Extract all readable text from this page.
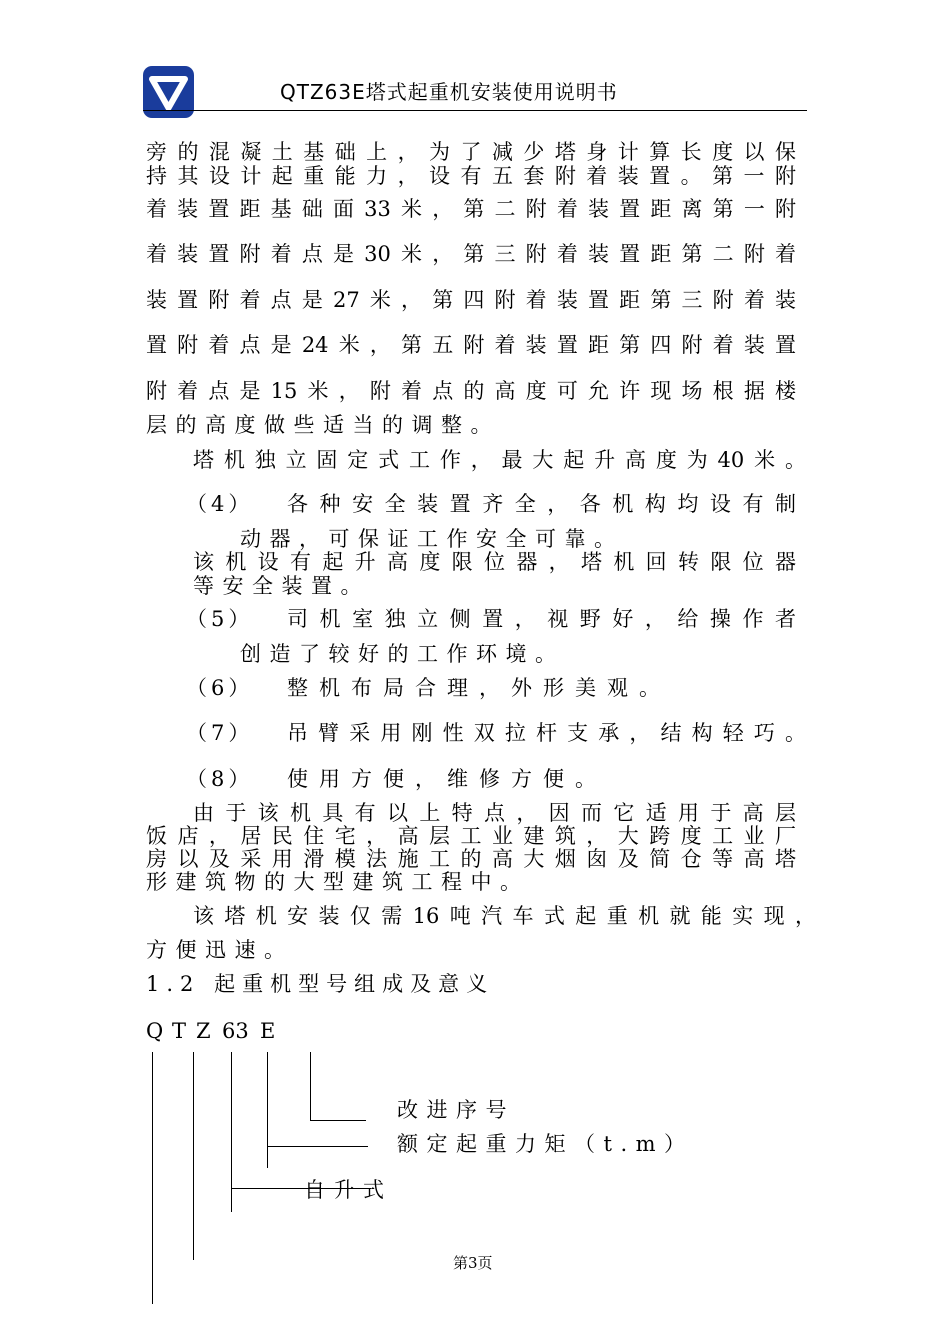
QTZ63E塔式起重机安装使用说明书
旁的混凝土基础上，为了减少塔身计算长度以保
持其设计起重能力，设有五套附着装置。第一附
着装置距基础面33米，第二附着装置距离第一附
着装置附着点是30米，第三附着装置距第二附着
装置附着点是27米，第四附着装置距第三附着装
置附着点是24米，第五附着装置距第四附着装置
附着点是15米，附着点的高度可允许现场根据楼
层的高度做些适当的调整。
塔机独立固定式工作，最大起升高度为40米。
（4） 各种安全装置齐全，各机构均设有制
动器，可保证工作安全可靠。
该机设有起升高度限位器，塔机回转限位器
等安全装置。
（5） 司机室独立侧置，视野好，给操作者
创造了较好的工作环境。
（6） 整机布局合理，外形美观。
（7） 吊臂采用刚性双拉杆支承，结构轻巧。
（8） 使用方便，维修方便。
由于该机具有以上特点，因而它适用于高层
饭店，居民住宅，高层工业建筑，大跨度工业厂
房以及采用滑模法施工的高大烟囱及简仓等高塔
形建筑物的大型建筑工程中。
该塔机安装仅需16吨汽车式起重机就能实现，
方便迅速。
1.2 起重机型号组成及意义
Q T Z 63 E
改进序号
额定起重力矩（t.m）
自升式
第3页
